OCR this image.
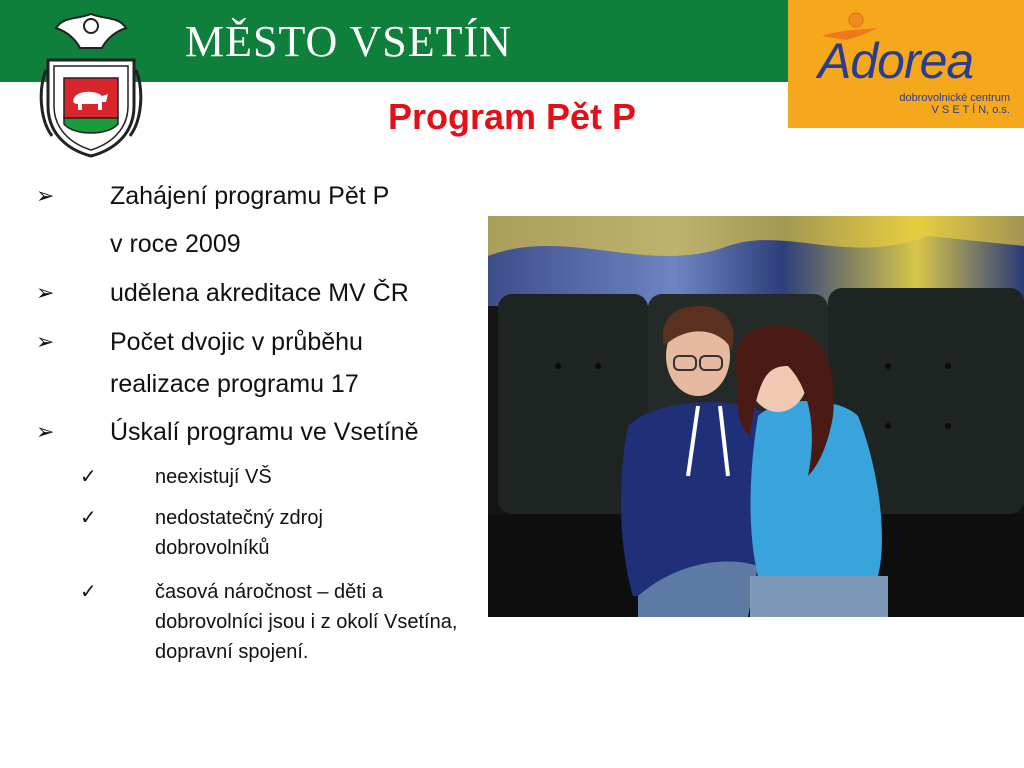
MĚSTO VSETÍN	Adorea
dobrovolnické centrum
V S E T Í N, o.s.
Program Pět P
➢ Zahájení programu Pět P
v roce 2009
➢ udělena akreditace MV ČR
➢ Počet dvojic v průběhu realizace programu 17
➢ Úskalí programu ve Vsetíně
✓	neexistují VŠ
✓	nedostatečný zdroj dobrovolníků
✓	časová náročnost – děti a dobrovolníci jsou i z okolí Vsetína, dopravní spojení.
